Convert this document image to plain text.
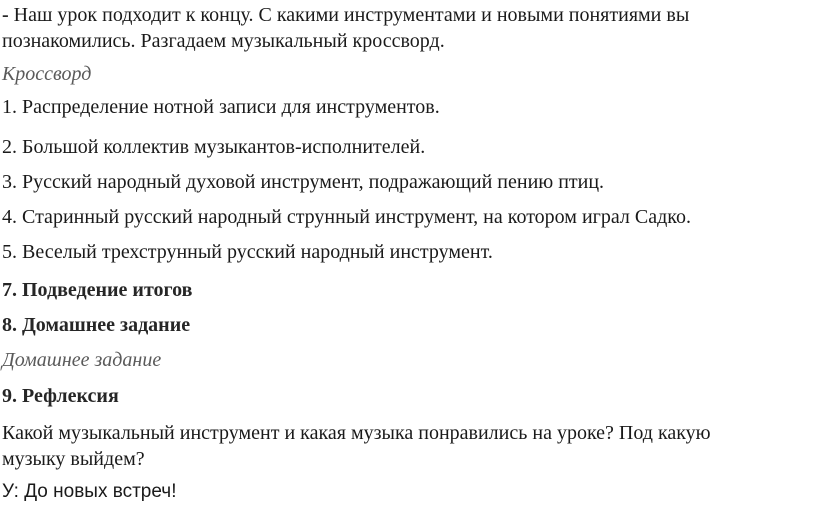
- Наш урок подходит к концу. С какими инструментами и новыми понятиями вы познакомились. Разгадаем музыкальный кроссворд.

Кроссворд

1. Распределение нотной записи для инструментов.

2. Большой коллектив музыкантов-исполнителей.

3. Русский народный духовой инструмент, подражающий пению птиц.

4. Старинный русский народный струнный инструмент, на котором играл Садко.

5. Веселый трехструнный русский народный инструмент.

7. Подведение итогов

8. Домашнее задание

Домашнее задание

9. Рефлексия

Какой музыкальный инструмент и какая музыка понравились на уроке? Под какую музыку выйдем?

У: До новых встреч!
